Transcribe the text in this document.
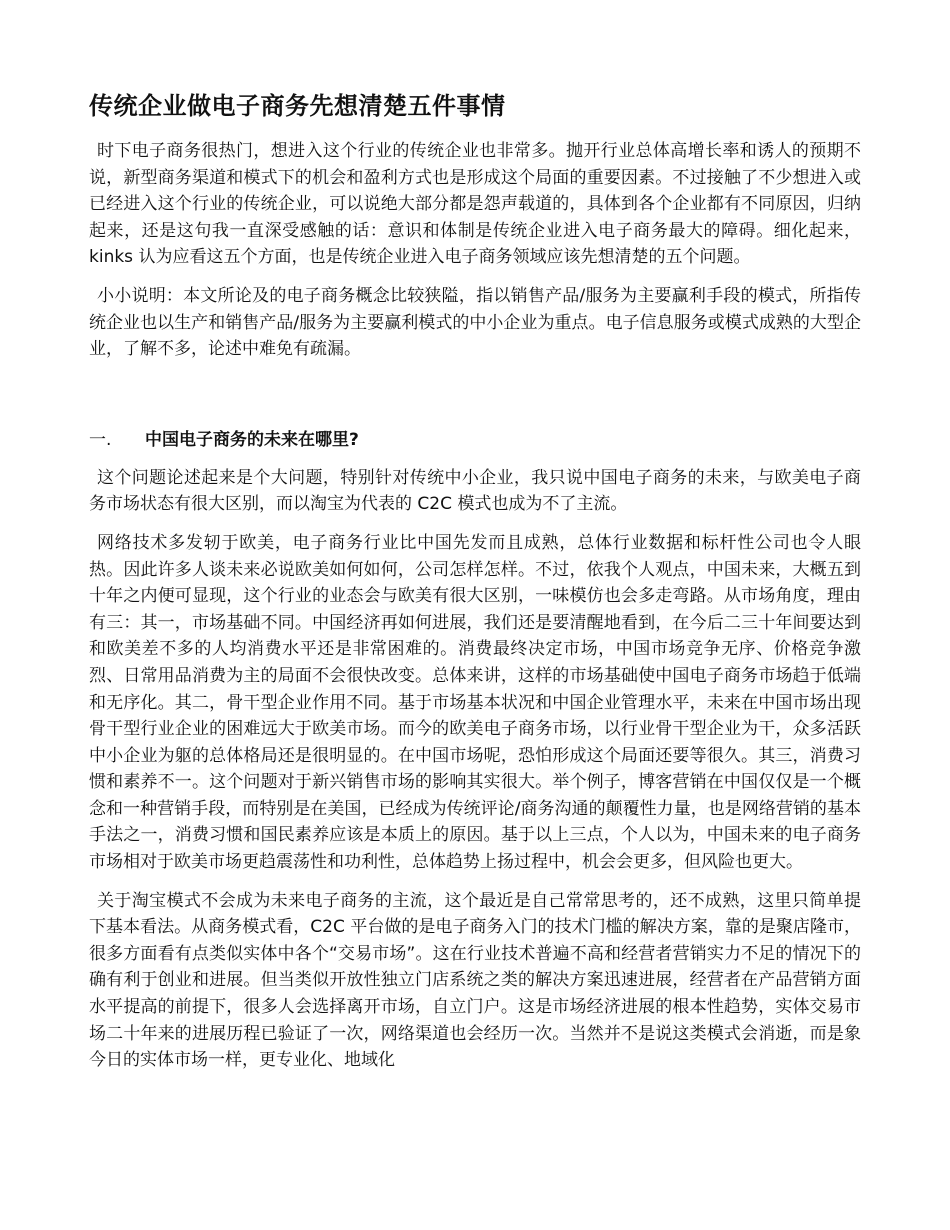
传统企业做电子商务先想清楚五件事情

时下电子商务很热门，想进入这个行业的传统企业也非常多。抛开行业总体高增长率和诱人的预期不说，新型商务渠道和模式下的机会和盈利方式也是形成这个局面的重要因素。不过接触了不少想进入或已经进入这个行业的传统企业，可以说绝大部分都是怨声载道的，具体到各个企业都有不同原因，归纳起来，还是这句我一直深受感触的话：意识和体制是传统企业进入电子商务最大的障碍。细化起来，kinks 认为应看这五个方面，也是传统企业进入电子商务领域应该先想清楚的五个问题。

小小说明：本文所论及的电子商务概念比较狭隘，指以销售产品/服务为主要赢利手段的模式，所指传统企业也以生产和销售产品/服务为主要赢利模式的中小企业为重点。电子信息服务或模式成熟的大型企业，了解不多，论述中难免有疏漏。

一.	中国电子商务的未来在哪里?

这个问题论述起来是个大问题，特别针对传统中小企业，我只说中国电子商务的未来，与欧美电子商务市场状态有很大区别，而以淘宝为代表的 C2C 模式也成为不了主流。

网络技术多发轫于欧美，电子商务行业比中国先发而且成熟，总体行业数据和标杆性公司也令人眼热。因此许多人谈未来必说欧美如何如何，公司怎样怎样。不过，依我个人观点，中国未来，大概五到十年之内便可显现，这个行业的业态会与欧美有很大区别，一味模仿也会多走弯路。从市场角度，理由有三：其一，市场基础不同。中国经济再如何进展，我们还是要清醒地看到，在今后二三十年间要达到和欧美差不多的人均消费水平还是非常困难的。消费最终决定市场，中国市场竞争无序、价格竞争激烈、日常用品消费为主的局面不会很快改变。总体来讲，这样的市场基础使中国电子商务市场趋于低端和无序化。其二，骨干型企业作用不同。基于市场基本状况和中国企业管理水平，未来在中国市场出现骨干型行业企业的困难远大于欧美市场。而今的欧美电子商务市场，以行业骨干型企业为干，众多活跃中小企业为躯的总体格局还是很明显的。在中国市场呢，恐怕形成这个局面还要等很久。其三，消费习惯和素养不一。这个问题对于新兴销售市场的影响其实很大。举个例子，博客营销在中国仅仅是一个概念和一种营销手段，而特别是在美国，已经成为传统评论/商务沟通的颠覆性力量，也是网络营销的基本手法之一，消费习惯和国民素养应该是本质上的原因。基于以上三点，个人以为，中国未来的电子商务市场相对于欧美市场更趋震荡性和功利性，总体趋势上扬过程中，机会会更多，但风险也更大。

关于淘宝模式不会成为未来电子商务的主流，这个最近是自己常常思考的，还不成熟，这里只简单提下基本看法。从商务模式看，C2C 平台做的是电子商务入门的技术门槛的解决方案，靠的是聚店隆市，很多方面看有点类似实体中各个“交易市场”。这在行业技术普遍不高和经营者营销实力不足的情况下的确有利于创业和进展。但当类似开放性独立门店系统之类的解决方案迅速进展，经营者在产品营销方面水平提高的前提下，很多人会选择离开市场，自立门户。这是市场经济进展的根本性趋势，实体交易市场二十年来的进展历程已验证了一次，网络渠道也会经历一次。当然并不是说这类模式会消逝，而是象今日的实体市场一样，更专业化、地域化
